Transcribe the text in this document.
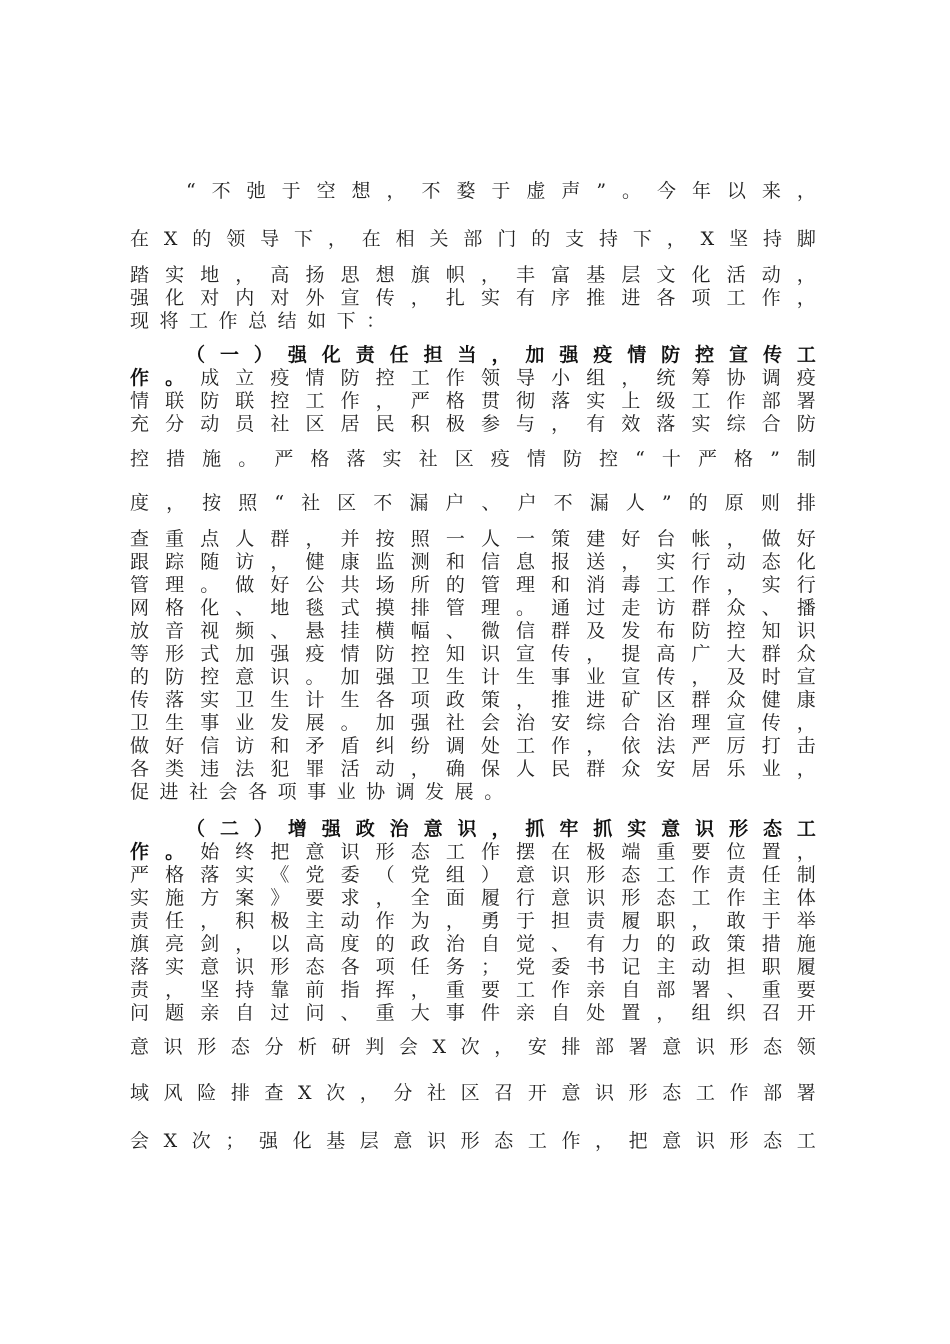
“ 不 弛 于 空 想 ， 不 婺 于 虚 声 ” 。 今 年 以 来 ，
在 X 的 领 导 下 ， 在 相 关 部 门 的 支 持 下 ， X 坚 持 脚
踏 实 地 ， 高 扬 思 想 旗 帜 ， 丰 富 基 层 文 化 活 动 ，
强 化 对 内 对 外 宣 传 ， 扎 实 有 序 推 进 各 项 工 作 ，
现 将 工 作 总 结 如 下 ：
（ 一 ） 强 化 责 任 担 当 ， 加 强 疫 情 防 控 宣 传 工
作 。 成 立 疫 情 防 控 工 作 领 导 小 组 ， 统 筹 协 调 疫
情 联 防 联 控 工 作 ， 严 格 贯 彻 落 实 上 级 工 作 部 署
充 分 动 员 社 区 居 民 积 极 参 与 ， 有 效 落 实 综 合 防
控 措 施 。 严 格 落 实 社 区 疫 情 防 控 “ 十 严 格 ” 制
度 ， 按 照 “ 社 区 不 漏 户 、 户 不 漏 人 ” 的 原 则 排
查 重 点 人 群 ， 并 按 照 一 人 一 策 建 好 台 帐 ， 做 好
跟 踪 随 访 ， 健 康 监 测 和 信 息 报 送 ， 实 行 动 态 化
管 理 。 做 好 公 共 场 所 的 管 理 和 消 毒 工 作 ， 实 行
网 格 化 、 地 毯 式 摸 排 管 理 。 通 过 走 访 群 众 、 播
放 音 视 频 、 悬 挂 横 幅 、 微 信 群 及 发 布 防 控 知 识
等 形 式 加 强 疫 情 防 控 知 识 宣 传 ， 提 高 广 大 群 众
的 防 控 意 识 。 加 强 卫 生 计 生 事 业 宣 传 ， 及 时 宣
传 落 实 卫 生 计 生 各 项 政 策 ， 推 进 矿 区 群 众 健 康
卫 生 事 业 发 展 。 加 强 社 会 治 安 综 合 治 理 宣 传 ，
做 好 信 访 和 矛 盾 纠 纷 调 处 工 作 ， 依 法 严 厉 打 击
各 类 违 法 犯 罪 活 动 ， 确 保 人 民 群 众 安 居 乐 业 ，
促 进 社 会 各 项 事 业 协 调 发 展 。
（ 二 ） 增 强 政 治 意 识 ， 抓 牢 抓 实 意 识 形 态 工
作 。 始 终 把 意 识 形 态 工 作 摆 在 极 端 重 要 位 置 ，
严 格 落 实 《 党 委 （ 党 组 ） 意 识 形 态 工 作 责 任 制
实 施 方 案 》 要 求 ， 全 面 履 行 意 识 形 态 工 作 主 体
责 任 ， 积 极 主 动 作 为 ， 勇 于 担 责 履 职 ， 敢 于 举
旗 亮 剑 ， 以 高 度 的 政 治 自 觉 、 有 力 的 政 策 措 施
落 实 意 识 形 态 各 项 任 务 ； 党 委 书 记 主 动 担 职 履
责 ， 坚 持 靠 前 指 挥 ， 重 要 工 作 亲 自 部 署 、 重 要
问 题 亲 自 过 问 、 重 大 事 件 亲 自 处 置 ， 组 织 召 开
意 识 形 态 分 析 研 判 会 X 次 ， 安 排 部 署 意 识 形 态 领
域 风 险 排 查 X 次 ， 分 社 区 召 开 意 识 形 态 工 作 部 署
会 X 次 ； 强 化 基 层 意 识 形 态 工 作 ， 把 意 识 形 态 工
